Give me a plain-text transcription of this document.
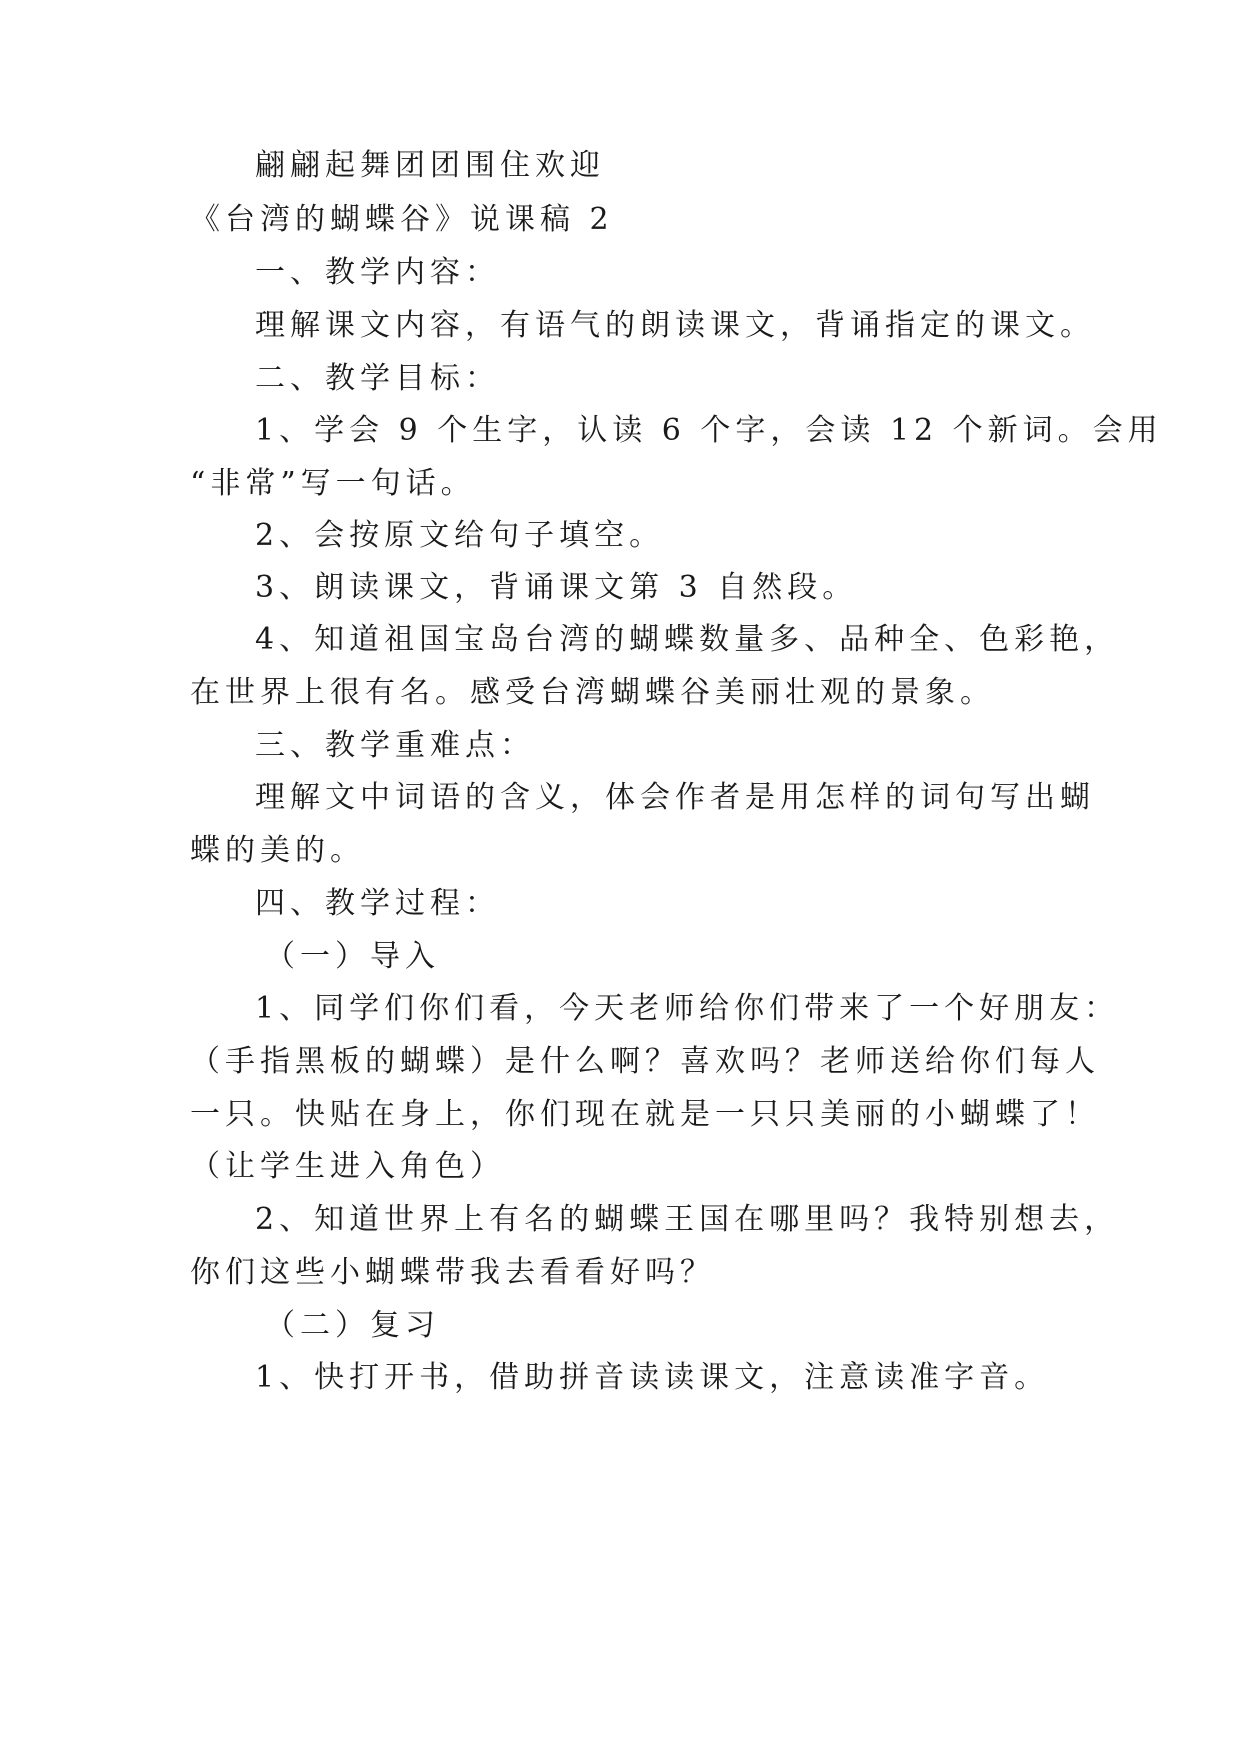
翩翩起舞团团围住欢迎
《台湾的蝴蝶谷》说课稿 2
一、教学内容：
理解课文内容，有语气的朗读课文，背诵指定的课文。
二、教学目标：
1、学会 9 个生字，认读 6 个字，会读 12 个新词。会用
“非常”写一句话。
2、会按原文给句子填空。
3、朗读课文，背诵课文第 3 自然段。
4、知道祖国宝岛台湾的蝴蝶数量多、品种全、色彩艳，
在世界上很有名。感受台湾蝴蝶谷美丽壮观的景象。
三、教学重难点：
理解文中词语的含义，体会作者是用怎样的词句写出蝴
蝶的美的。
四、教学过程：
（一）导入
1、同学们你们看，今天老师给你们带来了一个好朋友：
（手指黑板的蝴蝶）是什么啊？喜欢吗？老师送给你们每人
一只。快贴在身上，你们现在就是一只只美丽的小蝴蝶了！
（让学生进入角色）
2、知道世界上有名的蝴蝶王国在哪里吗？我特别想去，
你们这些小蝴蝶带我去看看好吗？
（二）复习
1、快打开书，借助拼音读读课文，注意读准字音。
